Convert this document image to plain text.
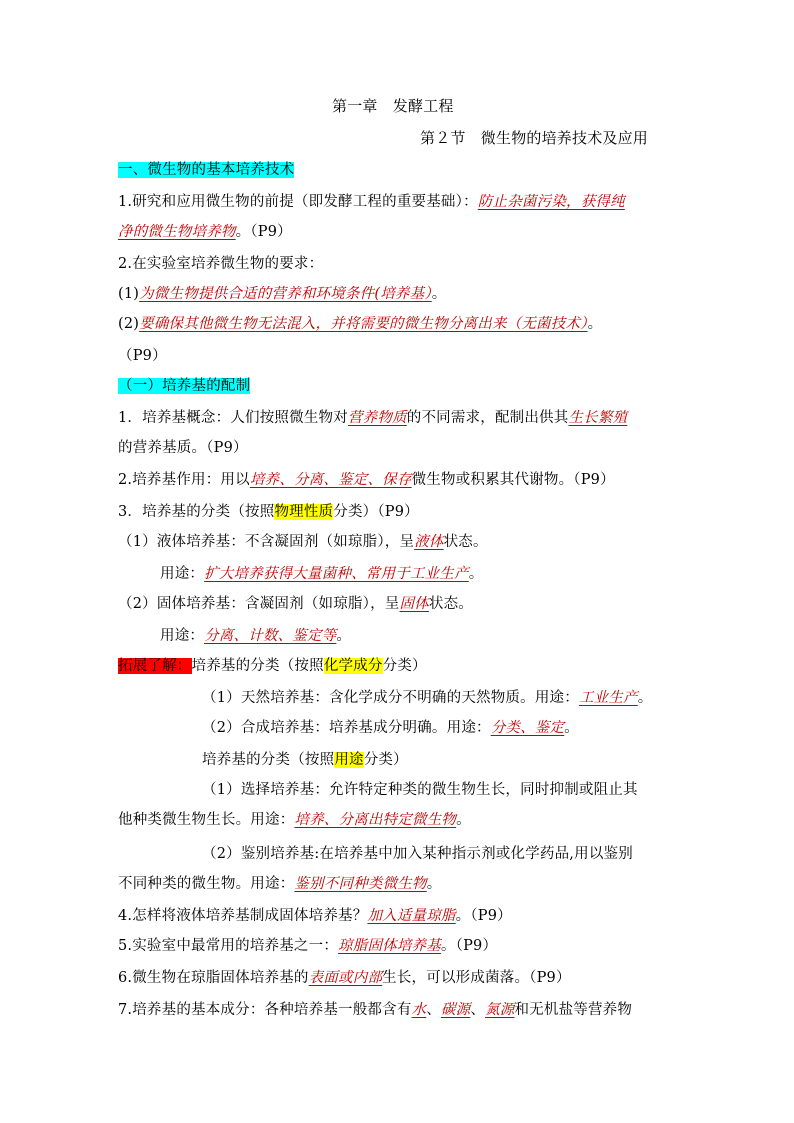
第一章　发酵工程
第２节　微生物的培养技术及应用
一、微生物的基本培养技术
1.研究和应用微生物的前提（即发酵工程的重要基础）：防止杂菌污染，获得纯
净的微生物培养物。（P9）
2.在实验室培养微生物的要求：
(1)为微生物提供合适的营养和环境条件(培养基）。
(2)要确保其他微生物无法混入，并将需要的微生物分离出来（无菌技术）。
（P9）
（一）培养基的配制
1．培养基概念：人们按照微生物对营养物质的不同需求，配制出供其生长繁殖
的营养基质。（P9）
2.培养基作用：用以培养、分离、鉴定、保存微生物或积累其代谢物。（P9）
3．培养基的分类（按照物理性质分类）（P9）
（1）液体培养基：不含凝固剂（如琼脂），呈液体状态。
用途：扩大培养获得大量菌种、常用于工业生产。
（2）固体培养基：含凝固剂（如琼脂），呈固体状态。
用途：分离、计数、鉴定等。
拓展了解：培养基的分类（按照化学成分分类）
（1）天然培养基：含化学成分不明确的天然物质。用途：工业生产。
（2）合成培养基：培养基成分明确。用途：分类、鉴定。
培养基的分类（按照用途分类）
（1）选择培养基：允许特定种类的微生物生长，同时抑制或阻止其
他种类微生物生长。用途：培养、分离出特定微生物。
（2）鉴别培养基:在培养基中加入某种指示剂或化学药品,用以鉴别
不同种类的微生物。用途：鉴别不同种类微生物。
4.怎样将液体培养基制成固体培养基？加入适量琼脂。（P9）
5.实验室中最常用的培养基之一：琼脂固体培养基。（P9）
6.微生物在琼脂固体培养基的表面或内部生长，可以形成菌落。（P9）
7.培养基的基本成分：各种培养基一般都含有水、碳源、氮源和无机盐等营养物
